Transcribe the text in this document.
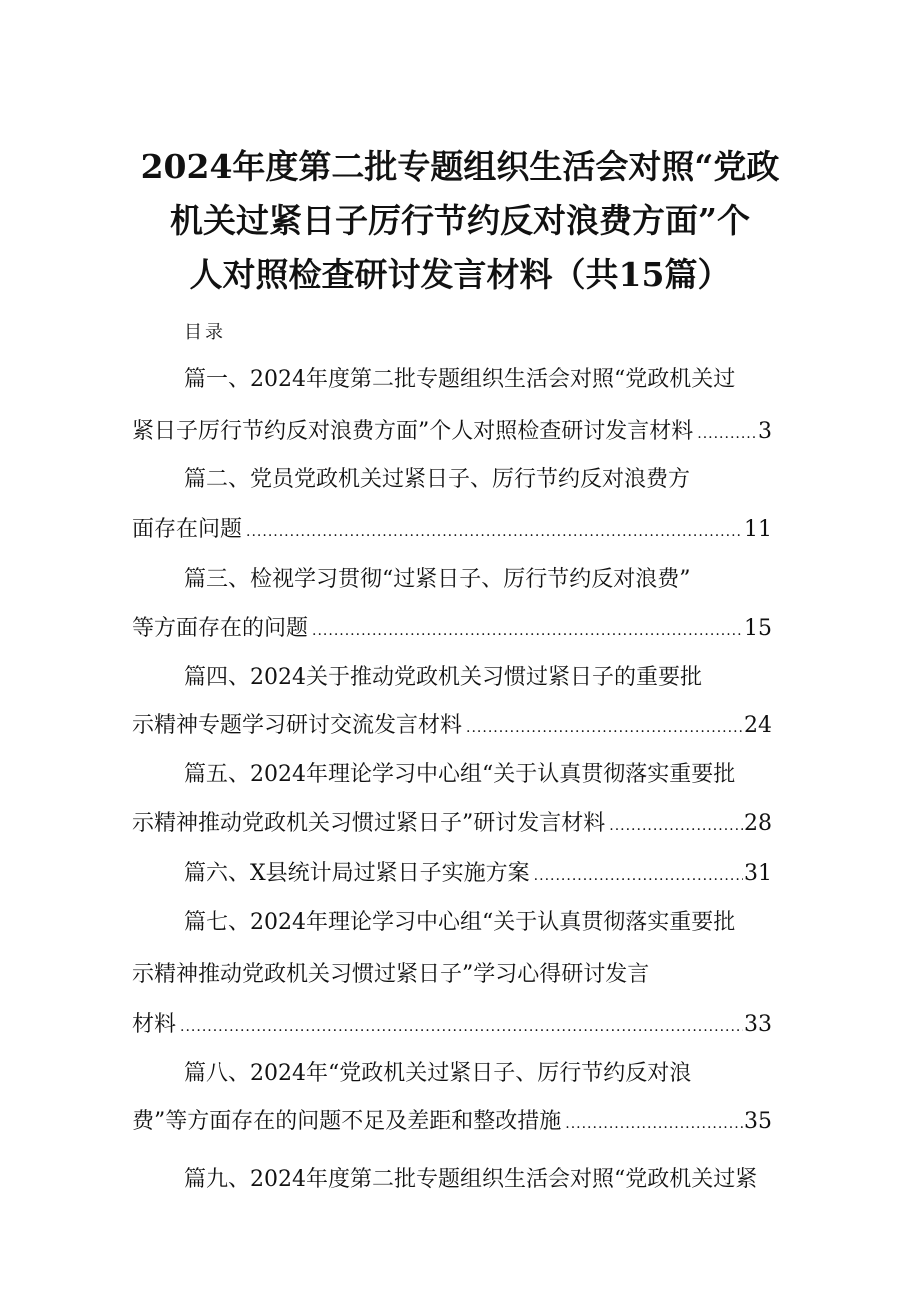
2024年度第二批专题组织生活会对照“党政
机关过紧日子厉行节约反对浪费方面”个
人对照检查研讨发言材料（共15篇）
目录
篇一、2024年度第二批专题组织生活会对照“党政机关过
紧日子厉行节约反对浪费方面”个人对照检查研讨发言材料 .....	3
篇二、党员党政机关过紧日子、厉行节约反对浪费方
面存在问题 .....	11
篇三、检视学习贯彻“过紧日子、厉行节约反对浪费”
等方面存在的问题 .....	15
篇四、2024关于推动党政机关习惯过紧日子的重要批
示精神专题学习研讨交流发言材料 .....	24
篇五、2024年理论学习中心组“关于认真贯彻落实重要批
示精神推动党政机关习惯过紧日子”研讨发言材料 .....	28
篇六、X县统计局过紧日子实施方案 .....	31
篇七、2024年理论学习中心组“关于认真贯彻落实重要批
示精神推动党政机关习惯过紧日子”学习心得研讨发言
材料 .....	33
篇八、2024年“党政机关过紧日子、厉行节约反对浪
费”等方面存在的问题不足及差距和整改措施 .....	35
篇九、2024年度第二批专题组织生活会对照“党政机关过紧
